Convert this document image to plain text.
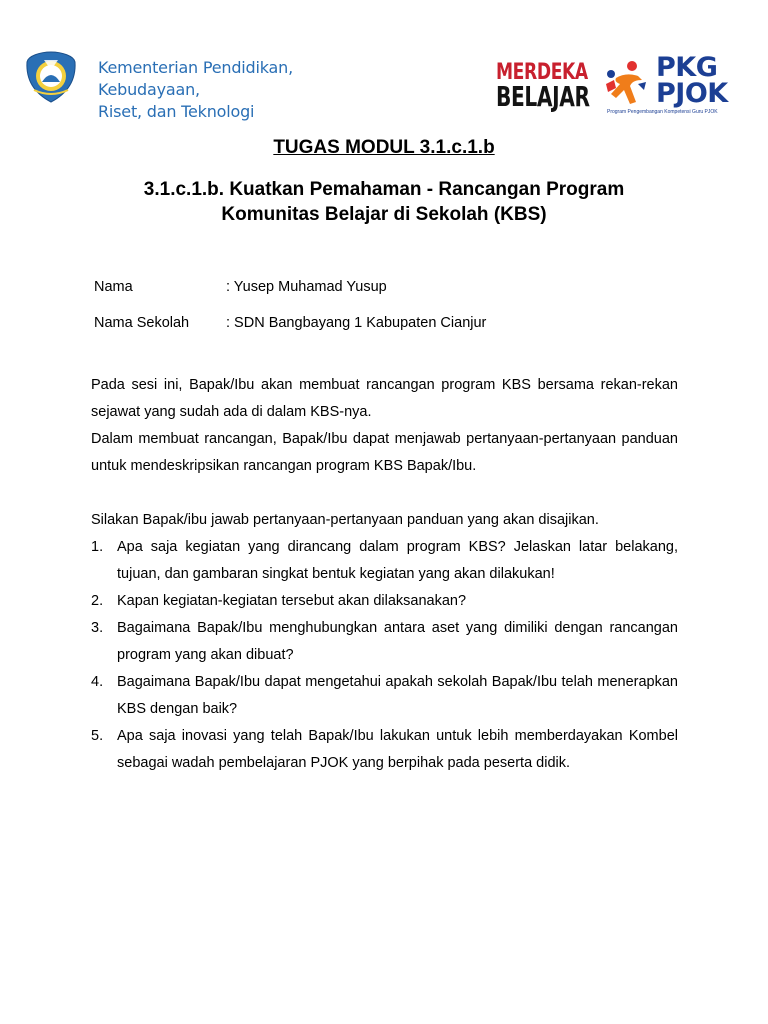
Kementerian Pendidikan,
Kebudayaan,
Riset, dan Teknologi
MERDEKA
BELAJAR
PKG
PJOK
Program Pengembangan Kompetensi Guru PJOK
TUGAS MODUL 3.1.c.1.b
3.1.c.1.b. Kuatkan Pemahaman - Rancangan Program
Komunitas Belajar di Sekolah (KBS)
Nama	: Yusep Muhamad Yusup
Nama Sekolah	: SDN Bangbayang 1 Kabupaten Cianjur

Pada sesi ini, Bapak/Ibu akan membuat rancangan program KBS bersama rekan-rekan sejawat yang sudah ada di dalam KBS-nya.

Dalam membuat rancangan, Bapak/Ibu dapat menjawab pertanyaan-pertanyaan panduan untuk mendeskripsikan rancangan program KBS Bapak/Ibu.

Silakan Bapak/ibu jawab pertanyaan-pertanyaan panduan yang akan disajikan.

1. Apa saja kegiatan yang dirancang dalam program KBS? Jelaskan latar belakang, tujuan, dan gambaran singkat bentuk kegiatan yang akan dilakukan!
2. Kapan kegiatan-kegiatan tersebut akan dilaksanakan?
3. Bagaimana Bapak/Ibu menghubungkan antara aset yang dimiliki dengan rancangan program yang akan dibuat?
4. Bagaimana Bapak/Ibu dapat mengetahui apakah sekolah Bapak/Ibu telah menerapkan KBS dengan baik?
5. Apa saja inovasi yang telah Bapak/Ibu lakukan untuk lebih memberdayakan Kombel sebagai wadah pembelajaran PJOK yang berpihak pada peserta didik.
